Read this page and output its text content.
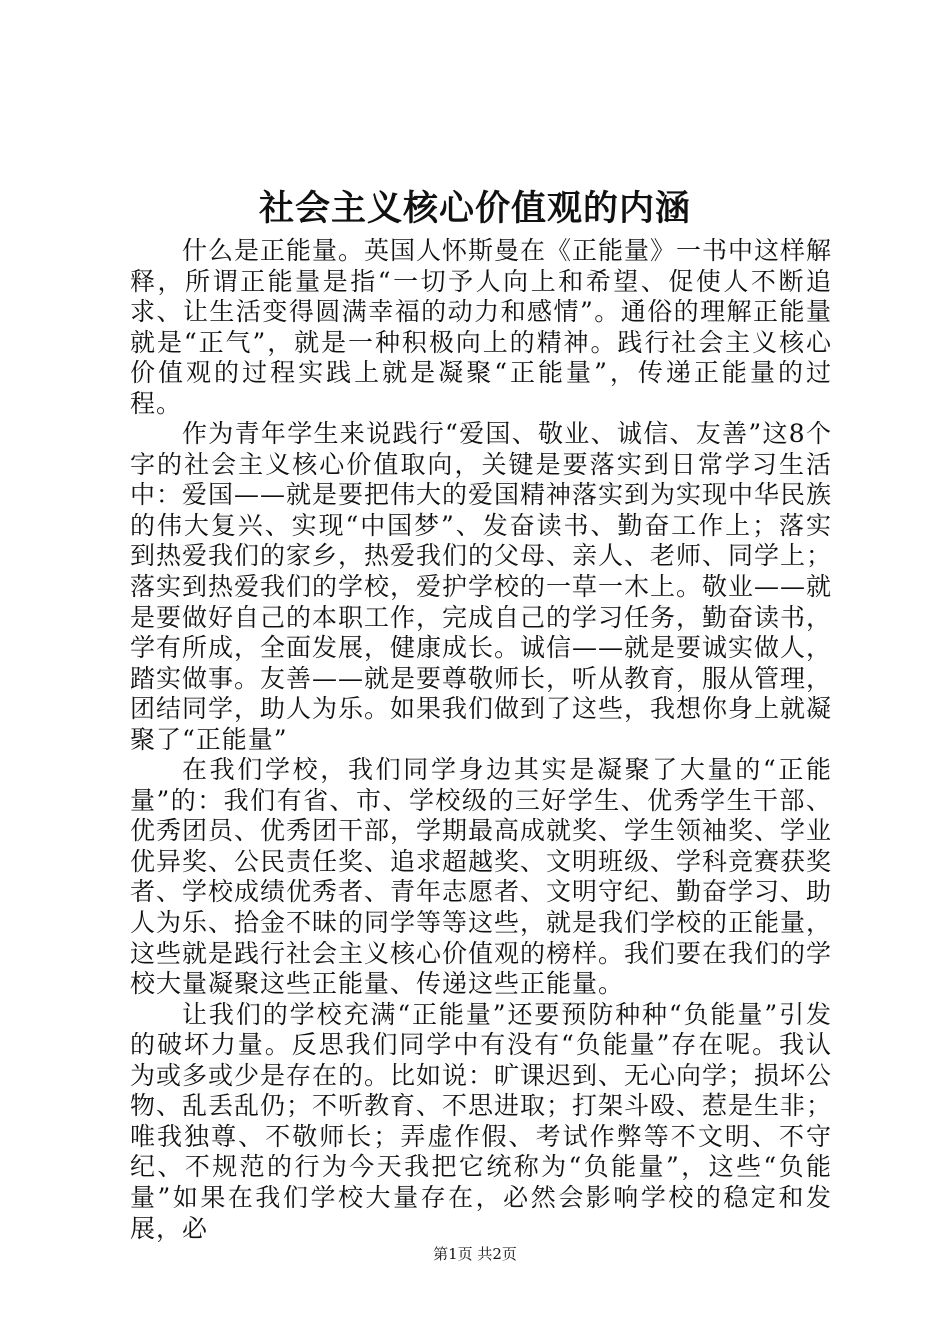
社会主义核心价值观的内涵

什么是正能量。英国人怀斯曼在《正能量》一书中这样解释，所谓正能量是指“一切予人向上和希望、促使人不断追求、让生活变得圆满幸福的动力和感情”。通俗的理解正能量就是“正气”，就是一种积极向上的精神。践行社会主义核心价值观的过程实践上就是凝聚“正能量”，传递正能量的过程。

作为青年学生来说践行“爱国、敬业、诚信、友善”这8个字的社会主义核心价值取向，关键是要落实到日常学习生活中：爱国——就是要把伟大的爱国精神落实到为实现中华民族的伟大复兴、实现“中国梦”、发奋读书、勤奋工作上；落实到热爱我们的家乡，热爱我们的父母、亲人、老师、同学上；落实到热爱我们的学校，爱护学校的一草一木上。敬业——就是要做好自己的本职工作，完成自己的学习任务，勤奋读书，学有所成，全面发展，健康成长。诚信——就是要诚实做人，踏实做事。友善——就是要尊敬师长，听从教育，服从管理，团结同学，助人为乐。如果我们做到了这些，我想你身上就凝聚了“正能量”

在我们学校，我们同学身边其实是凝聚了大量的“正能量”的：我们有省、市、学校级的三好学生、优秀学生干部、优秀团员、优秀团干部，学期最高成就奖、学生领袖奖、学业优异奖、公民责任奖、追求超越奖、文明班级、学科竞赛获奖者、学校成绩优秀者、青年志愿者、文明守纪、勤奋学习、助人为乐、拾金不昧的同学等等这些，就是我们学校的正能量，这些就是践行社会主义核心价值观的榜样。我们要在我们的学校大量凝聚这些正能量、传递这些正能量。

让我们的学校充满“正能量”还要预防种种“负能量”引发的破坏力量。反思我们同学中有没有“负能量”存在呢。我认为或多或少是存在的。比如说：旷课迟到、无心向学；损坏公物、乱丢乱仍；不听教育、不思进取；打架斗殴、惹是生非；唯我独尊、不敬师长；弄虚作假、考试作弊等不文明、不守纪、不规范的行为今天我把它统称为“负能量”，这些“负能量”如果在我们学校大量存在，必然会影响学校的稳定和发展，必

第1页 共2页
